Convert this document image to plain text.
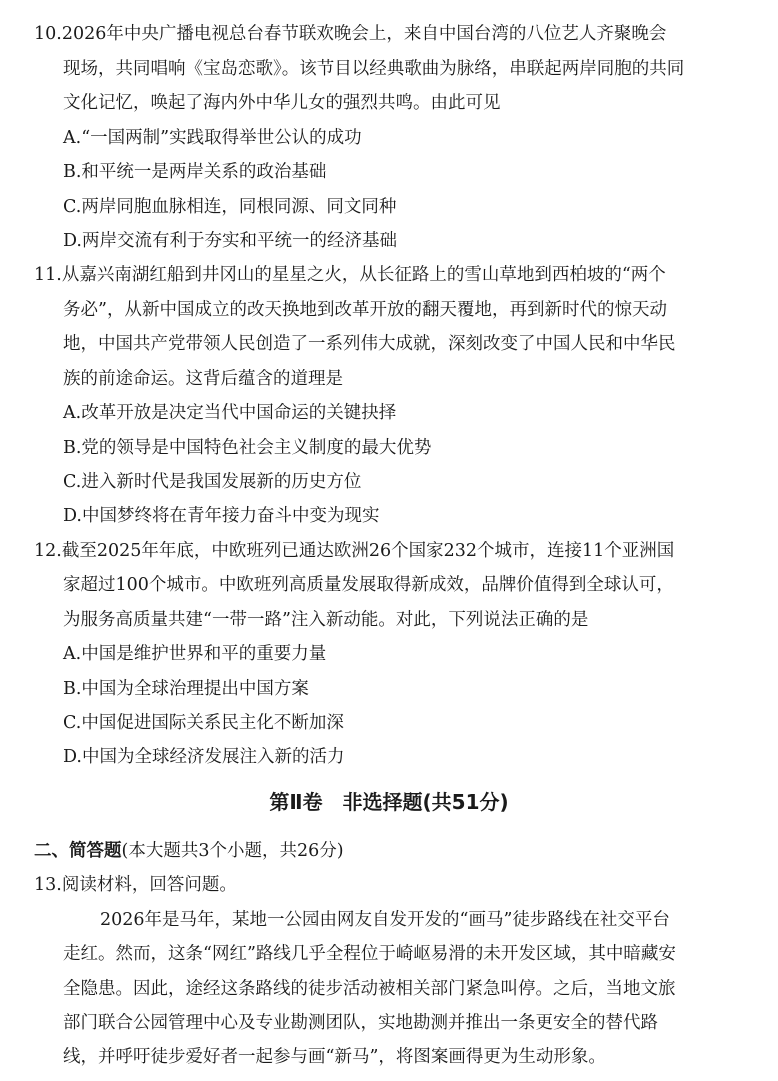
10.2026年中央广播电视总台春节联欢晚会上，来自中国台湾的八位艺人齐聚晚会
现场，共同唱响《宝岛恋歌》。该节目以经典歌曲为脉络，串联起两岸同胞的共同
文化记忆，唤起了海内外中华儿女的强烈共鸣。由此可见
A.“一国两制”实践取得举世公认的成功
B.和平统一是两岸关系的政治基础
C.两岸同胞血脉相连，同根同源、同文同种
D.两岸交流有利于夯实和平统一的经济基础
11.从嘉兴南湖红船到井冈山的星星之火，从长征路上的雪山草地到西柏坡的“两个
务必”，从新中国成立的改天换地到改革开放的翻天覆地，再到新时代的惊天动
地，中国共产党带领人民创造了一系列伟大成就，深刻改变了中国人民和中华民
族的前途命运。这背后蕴含的道理是
A.改革开放是决定当代中国命运的关键抉择
B.党的领导是中国特色社会主义制度的最大优势
C.进入新时代是我国发展新的历史方位
D.中国梦终将在青年接力奋斗中变为现实
12.截至2025年年底，中欧班列已通达欧洲26个国家232个城市，连接11个亚洲国
家超过100个城市。中欧班列高质量发展取得新成效，品牌价值得到全球认可，
为服务高质量共建“一带一路”注入新动能。对此，下列说法正确的是
A.中国是维护世界和平的重要力量
B.中国为全球治理提出中国方案
C.中国促进国际关系民主化不断加深
D.中国为全球经济发展注入新的活力
第Ⅱ卷　非选择题(共51分)
二、简答题(本大题共3个小题，共26分)
13.阅读材料，回答问题。
2026年是马年，某地一公园由网友自发开发的“画马”徒步路线在社交平台
走红。然而，这条“网红”路线几乎全程位于崎岖易滑的未开发区域，其中暗藏安
全隐患。因此，途经这条路线的徒步活动被相关部门紧急叫停。之后，当地文旅
部门联合公园管理中心及专业勘测团队，实地勘测并推出一条更安全的替代路
线，并呼吁徒步爱好者一起参与画“新马”，将图案画得更为生动形象。
